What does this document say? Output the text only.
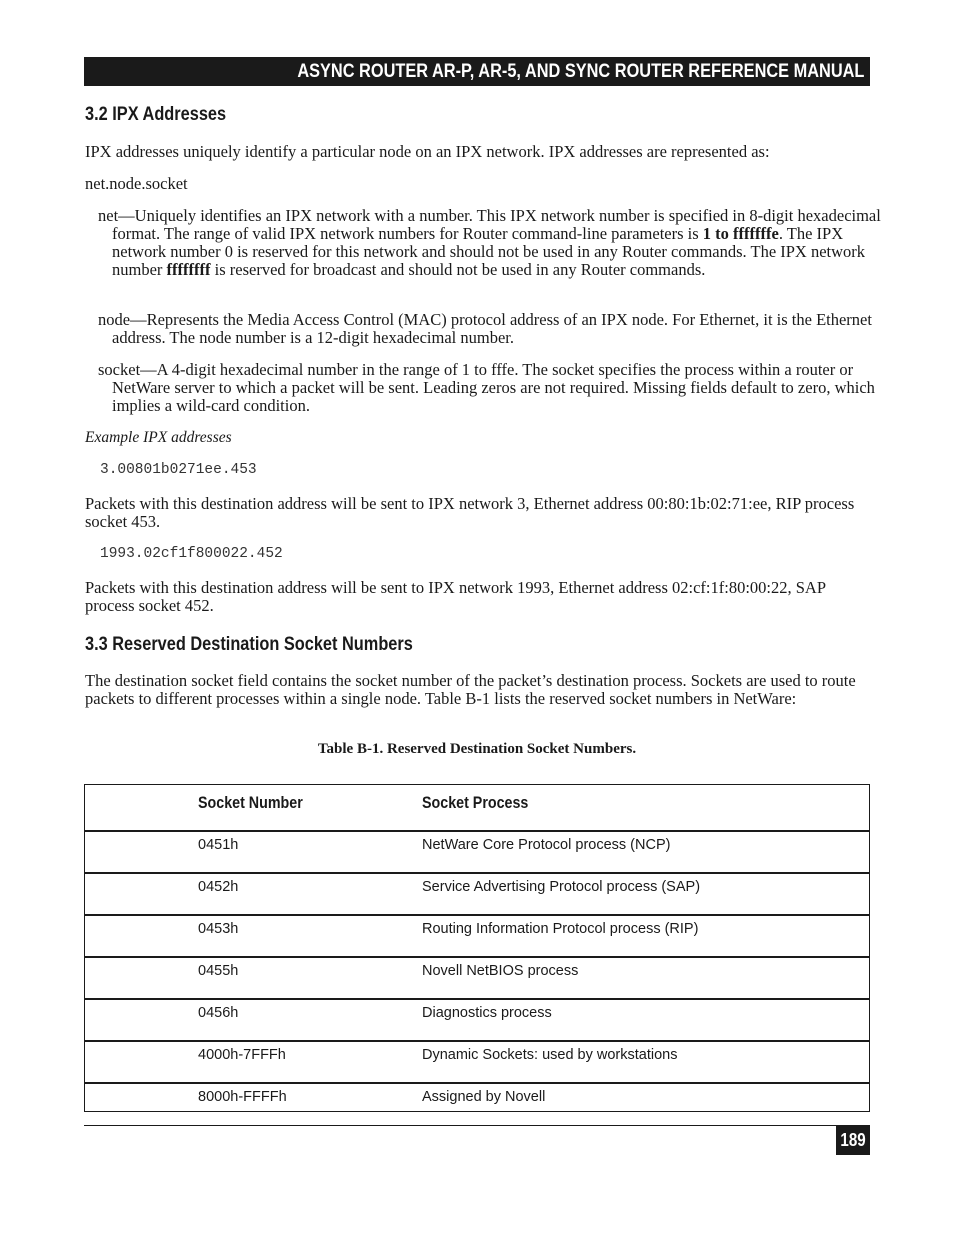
ASYNC ROUTER AR-P, AR-5, AND SYNC ROUTER REFERENCE MANUAL
3.2 IPX Addresses

IPX addresses uniquely identify a particular node on an IPX network. IPX addresses are represented as:

net.node.socket

net—Uniquely identifies an IPX network with a number. This IPX network number is specified in 8-digit hexadecimal format. The range of valid IPX network numbers for Router command-line parameters is 1 to fffffffe. The IPX network number 0 is reserved for this network and should not be used in any Router commands. The IPX network number ffffffff is reserved for broadcast and should not be used in any Router commands.

node—Represents the Media Access Control (MAC) protocol address of an IPX node. For Ethernet, it is the Ethernet address. The node number is a 12-digit hexadecimal number.

socket—A 4-digit hexadecimal number in the range of 1 to fffe. The socket specifies the process within a router or NetWare server to which a packet will be sent. Leading zeros are not required. Missing fields default to zero, which implies a wild-card condition.

Example IPX addresses

3.00801b0271ee.453

Packets with this destination address will be sent to IPX network 3, Ethernet address 00:80:1b:02:71:ee, RIP process socket 453.

1993.02cf1f800022.452

Packets with this destination address will be sent to IPX network 1993, Ethernet address 02:cf:1f:80:00:22, SAP process socket 452.

3.3 Reserved Destination Socket Numbers

The destination socket field contains the socket number of the packet’s destination process. Sockets are used to route packets to different processes within a single node. Table B-1 lists the reserved socket numbers in NetWare:

Table B-1. Reserved Destination Socket Numbers.
Socket Number	Socket Process
0451h	NetWare Core Protocol process (NCP)
0452h	Service Advertising Protocol process (SAP)
0453h	Routing Information Protocol process (RIP)
0455h	Novell NetBIOS process
0456h	Diagnostics process
4000h-7FFFh	Dynamic Sockets: used by workstations
8000h-FFFFh	Assigned by Novell
189
